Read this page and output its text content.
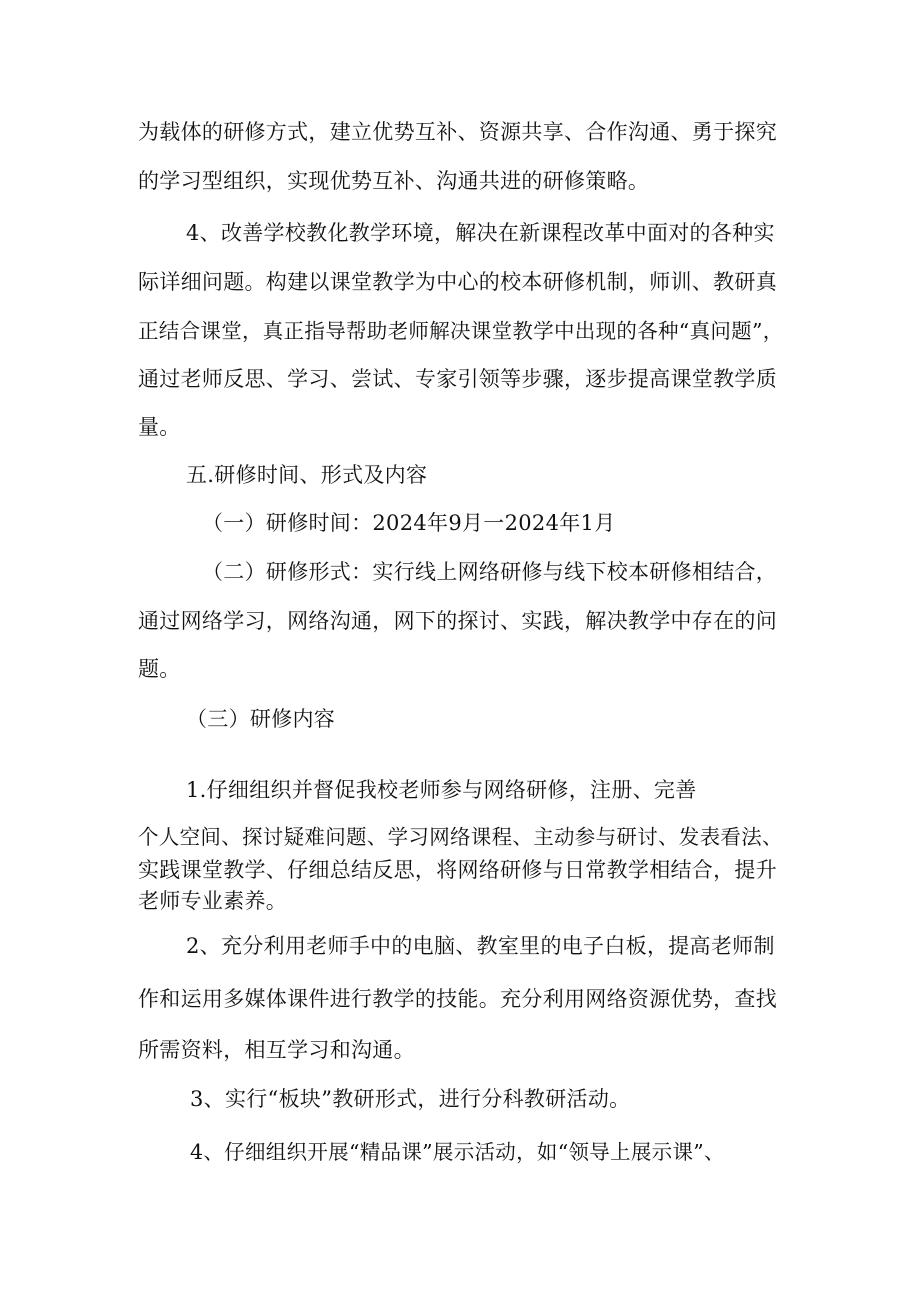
为载体的研修方式，建立优势互补、资源共享、合作沟通、勇于探究
的学习型组织，实现优势互补、沟通共进的研修策略。
4、改善学校教化教学环境，解决在新课程改革中面对的各种实
际详细问题。构建以课堂教学为中心的校本研修机制，师训、教研真
正结合课堂，真正指导帮助老师解决课堂教学中出现的各种“真问题”，
通过老师反思、学习、尝试、专家引领等步骤，逐步提高课堂教学质
量。
五.研修时间、形式及内容
（一）研修时间：2024年9月一2024年1月
（二）研修形式：实行线上网络研修与线下校本研修相结合，
通过网络学习，网络沟通，网下的探讨、实践，解决教学中存在的问
题。
（三）研修内容
1.仔细组织并督促我校老师参与网络研修，注册、完善
个人空间、探讨疑难问题、学习网络课程、主动参与研讨、发表看法、
实践课堂教学、仔细总结反思，将网络研修与日常教学相结合，提升
老师专业素养。
2、充分利用老师手中的电脑、教室里的电子白板，提高老师制
作和运用多媒体课件进行教学的技能。充分利用网络资源优势，查找
所需资料，相互学习和沟通。
3、实行“板块”教研形式，进行分科教研活动。
4、仔细组织开展“精品课”展示活动，如“领导上展示课”、
